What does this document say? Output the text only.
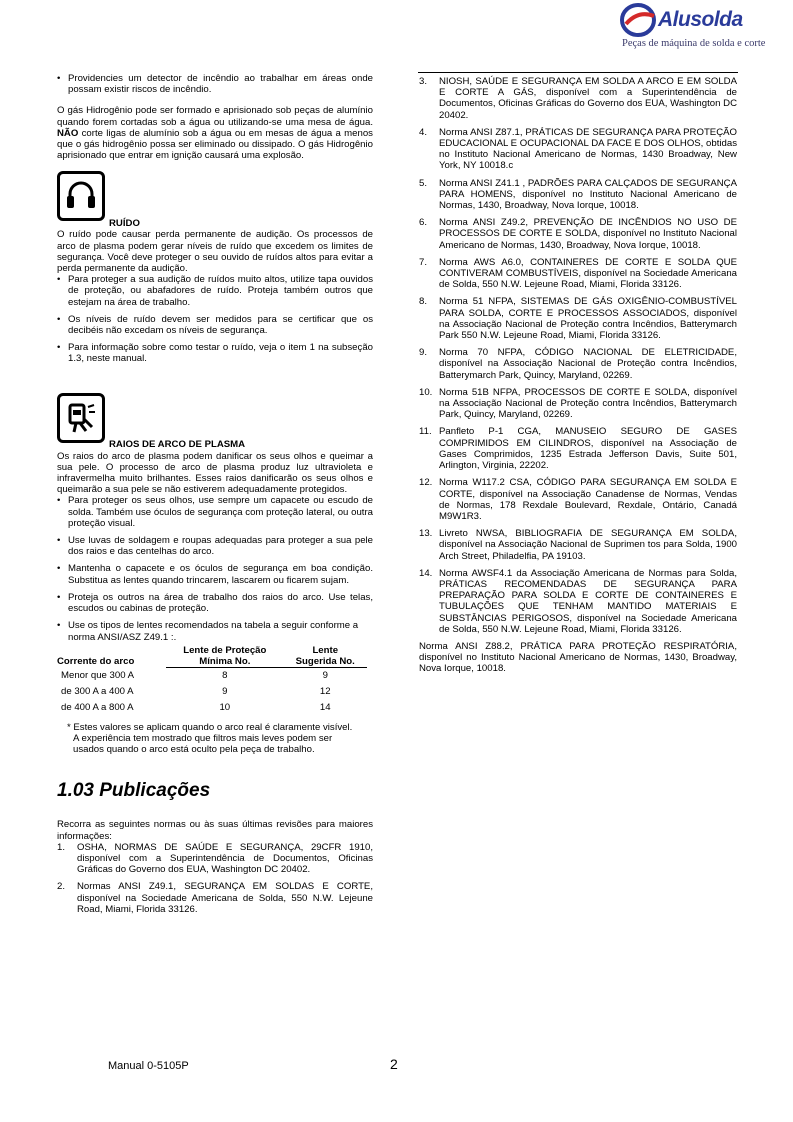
Alusolda
Peças de máquina de solda e corte

• Providencies um detector de incêndio ao trabalhar em áreas onde possam existir riscos de incêndio.

O gás Hidrogênio pode ser formado e aprisionado sob peças de alumínio quando forem cortadas sob a água ou utilizando-se uma mesa de água. NÃO corte ligas de alumínio sob a água ou em mesas de água a menos que o gás hidrogênio possa ser eliminado ou dissipado. O gás Hidrogênio aprisionado que entrar em ignição causará uma explosão.

RUÍDO

O ruído pode causar perda permanente de audição. Os processos de arco de plasma podem gerar níveis de ruído que excedem os limites de segurança. Você deve proteger o seu ouvido de ruídos altos para evitar a perda permanente da audição.

• Para proteger a sua audição de ruídos muito altos, utilize tapa ouvidos de proteção, ou abafadores de ruído. Proteja também outros que estejam na área de trabalho.

• Os níveis de ruído devem ser medidos para se certificar que os decibéis não excedam os níveis de segurança.

• Para informação sobre como testar o ruído, veja o item 1 na subseção 1.3, neste manual.

RAIOS DE ARCO DE PLASMA

Os raios do arco de plasma podem danificar os seus olhos e queimar a sua pele. O processo de arco de plasma produz luz ultravioleta e infravermelha muito brilhantes. Esses raios danificarão os seus olhos e queimarão a sua pele se não estiverem adequadamente protegidos.

• Para proteger os seus olhos, use sempre um capacete ou escudo de solda. Também use óculos de segurança com proteção lateral, ou outra proteção visual.

• Use luvas de soldagem e roupas adequadas para proteger a sua pele dos raios e das centelhas do arco.

• Mantenha o capacete e os óculos de segurança em boa condição. Substitua as lentes quando trincarem, lascarem ou ficarem sujam.

• Proteja os outros na área de trabalho dos raios do arco. Use telas, escudos ou cabinas de proteção.

• Use os tipos de lentes recomendados na tabela a seguir conforme a norma ANSI/ASZ Z49.1 :.

Corrente do arco	Lente de Proteção	Lente
	Mínima No.	Sugerida No.
Menor que 300 A	8	9
de 300 A a 400 A	9	12
de 400 A a 800 A	10	14

* Estes valores se aplicam quando o arco real é claramente visível. A experiência tem mostrado que filtros mais leves podem ser usados quando o arco está oculto pela peça de trabalho.

1.03 Publicações

Recorra as seguintes normas ou às suas últimas revisões para maiores informações:

1. OSHA, NORMAS DE SAÚDE E SEGURANÇA, 29CFR 1910, disponível com a Superintendência de Documentos, Oficinas Gráficas do Governo dos EUA, Washington DC 20402.

2. Normas ANSI Z49.1, SEGURANÇA EM SOLDAS E CORTE, disponível na Sociedade Americana de Solda, 550 N.W. Lejeune Road, Miami, Florida 33126.

3. NIOSH, SAÚDE E SEGURANÇA EM SOLDA A ARCO E EM SOLDA E CORTE A GÁS, disponível com a Superintendência de Documentos, Oficinas Gráficas do Governo dos EUA, Washington DC 20402.

4. Norma ANSI Z87.1, PRÁTICAS DE SEGURANÇA PARA PROTEÇÃO EDUCACIONAL E OCUPACIONAL DA FACE E DOS OLHOS, obtidas no Instituto Nacional Americano de Normas, 1430 Broadway, New York, NY 10018.c

5. Norma ANSI Z41.1 , PADRÕES PARA CALÇADOS DE SEGURANÇA PARA HOMENS, disponível no Instituto Nacional Americano de Normas, 1430, Broadway, Nova Iorque, 10018.

6. Norma ANSI Z49.2, PREVENÇÃO DE INCÊNDIOS NO USO DE PROCESSOS DE CORTE E SOLDA, disponível no Instituto Nacional Americano de Normas, 1430, Broadway, Nova Iorque, 10018.

7. Norma AWS A6.0, CONTAINERES DE CORTE E SOLDA QUE CONTIVERAM COMBUSTÍVEIS, disponível na Sociedade Americana de Solda, 550 N.W. Lejeune Road, Miami, Florida 33126.

8. Norma 51 NFPA, SISTEMAS DE GÁS OXIGÊNIO-COMBUSTÍVEL PARA SOLDA, CORTE E PROCESSOS ASSOCIADOS, disponível na Associação Nacional de Proteção contra Incêndios, Batterymarch Park 550 N.W. Lejeune Road, Miami, Florida 33126.

9. Norma 70 NFPA, CÓDIGO NACIONAL DE ELETRICIDADE, disponível na Associação Nacional de Proteção contra Incêndios, Batterymarch Park, Quincy, Maryland, 02269.

10. Norma 51B NFPA, PROCESSOS DE CORTE E SOLDA, disponível na Associação Nacional de Proteção contra Incêndios, Batterymarch Park, Quincy, Maryland, 02269.

11. Panfleto P-1 CGA, MANUSEIO SEGURO DE GASES COMPRIMIDOS EM CILINDROS, disponível na Associação de Gases Comprimidos, 1235 Estrada Jefferson Davis, Suite 501, Arlington, Virginia, 22202.

12. Norma W117.2 CSA, CÓDIGO PARA SEGURANÇA EM SOLDA E CORTE, disponível na Associação Canadense de Normas, Vendas de Normas, 178 Rexdale Boulevard, Rexdale, Ontário, Canadá M9W1R3.

13. Livreto NWSA, BIBLIOGRAFIA DE SEGURANÇA EM SOLDA, disponível na Associação Nacional de Suprimen tos para Solda, 1900 Arch Street, Philadelfia, PA 19103.

14. Norma AWSF4.1 da Associação Americana de Normas para Solda, PRÁTICAS RECOMENDADAS DE SEGURANÇA PARA PREPARAÇÃO PARA SOLDA E CORTE DE CONTAINERES E TUBULAÇÕES QUE TENHAM MANTIDO MATERIAIS E SUBSTÂNCIAS PERIGOSOS, disponível na Sociedade Americana de Solda, 550 N.W. Lejeune Road, Miami, Florida 33126.

Norma ANSI Z88.2, PRÁTICA PARA PROTEÇÃO RESPIRATÓRIA, disponível no Instituto Nacional Americano de Normas, 1430, Broadway, Nova Iorque, 10018.

Manual 0-5105P	2
